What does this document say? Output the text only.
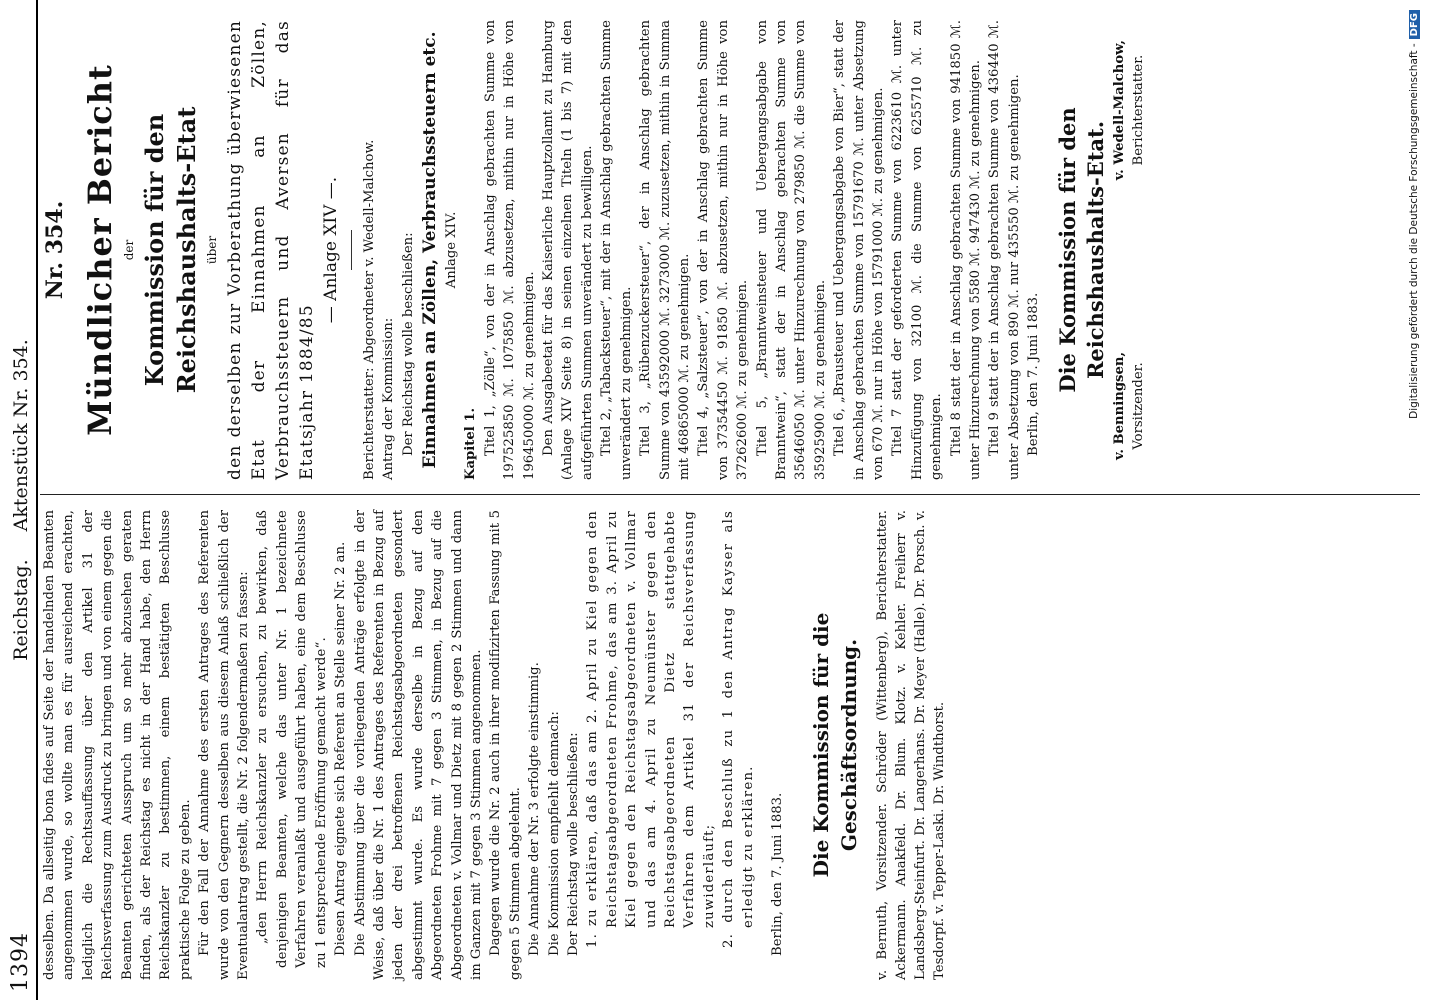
1394
Reichstag.Aktenstück Nr. 354.

desselben. Da allseitig bona fides auf Seite der handelnden Beamten angenommen wurde, so wollte man es für ausreichend erachten, lediglich die Rechtsauffassung über den Artikel 31 der Reichsverfassung zum Ausdruck zu bringen und von einem gegen die Beamten gerichteten Ausspruch um so mehr abzusehen geraten finden, als der Reichstag es nicht in der Hand habe, den Herrn Reichskanzler zu bestimmen, einem bestätigten Beschlusse praktische Folge zu geben. Für den Fall der Annahme des ersten Antrages des Referenten wurde von den Gegnern desselben aus diesem Anlaß schließlich der Eventualantrag gestellt, die Nr. 2 folgendermaßen zu fassen: „den Herrn Reichskanzler zu ersuchen, zu bewirken, daß denjenigen Beamten, welche das unter Nr. 1 bezeichnete Verfahren veranlaßt und ausgeführt haben, eine dem Beschlusse zu 1 entsprechende Eröffnung gemacht werde“. Diesen Antrag eignete sich Referent an Stelle seiner Nr. 2 an. Die Abstimmung über die vorliegenden Anträge erfolgte in der Weise, daß über die Nr. 1 des Antrages des Referenten in Bezug auf jeden der drei betroffenen Reichstagsabgeordneten gesondert abgestimmt wurde. Es wurde derselbe in Bezug auf den Abgeordneten Frohme mit 7 gegen 3 Stimmen, in Bezug auf die Abgeordneten v. Vollmar und Dietz mit 8 gegen 2 Stimmen und dann im Ganzen mit 7 gegen 3 Stimmen angenommen. Dagegen wurde die Nr. 2 auch in ihrer modifizirten Fassung mit 5 gegen 5 Stimmen abgelehnt. Die Annahme der Nr. 3 erfolgte einstimmig. Die Kommission empfiehlt demnach: Der Reichstag wolle beschließen: 1. zu erklären, daß das am 2. April zu Kiel gegen den Reichstagsabgeordneten Frohme, das am 3. April zu Kiel gegen den Reichstagsabgeordneten v. Vollmar und das am 4. April zu Neumünster gegen den Reichstagsabgeordneten Dietz stattgehabte Verfahren dem Artikel 31 der Reichsverfassung zuwiderläuft; 2. durch den Beschluß zu 1 den Antrag Kayser als erledigt zu erklären. Berlin, den 7. Juni 1883. Die Kommission für die Geschäftsordnung. v. Bernuth, Vorsitzender. Schröder (Wittenberg), Berichterstatter. Ackermann. Anakfeld. Dr. Blum. Klotz. v. Kehler. Freiherr v. Landsberg-Steinfurt. Dr. Langerhans. Dr. Meyer (Halle). Dr. Porsch. v. Tesdorpf. v. Tepper-Laski. Dr. Windthorst.

Nr. 354. Mündlicher Bericht der Kommission für den Reichshaushalts-Etat über den derselben zur Vorberathung überwiesenen Etat der Einnahmen an Zöllen, Verbrauchssteuern und Aversen für das Etatsjahr 1884/85

— Anlage XIV —. Berichterstatter: Abgeordneter v. Wedell-Malchow. Antrag der Kommission: Der Reichstag wolle beschließen: Einnahmen an Zöllen, Verbrauchssteuern etc. Anlage XIV.

Kapitel 1. Titel 1, „Zölle“, von der in Anschlag gebrachten Summe von 197525850 ℳ. 1075850 ℳ. abzusetzen, mithin nur in Höhe von 196450000 ℳ. zu genehmigen. Den Ausgabeetat für das Kaiserliche Hauptzollamt zu Hamburg (Anlage XIV Seite 8) in seinen einzelnen Titeln (1 bis 7) mit den aufgeführten Summen unverändert zu bewilligen. Titel 2, „Tabacksteuer“, mit der in Anschlag gebrachten Summe unverändert zu genehmigen. Titel 3, „Rübenzuckersteuer“, der in Anschlag gebrachten Summe von 43592000 ℳ. 3273000 ℳ. zuzusetzen, mithin in Summa mit 46865000 ℳ. zu genehmigen. Titel 4, „Salzsteuer“, von der in Anschlag gebrachten Summe von 37354450 ℳ. 91850 ℳ. abzusetzen, mithin nur in Höhe von 37262600 ℳ. zu genehmigen. Titel 5, „Branntweinsteuer und Uebergangsabgabe von Branntwein“, statt der in Anschlag gebrachten Summe von 35646050 ℳ. unter Hinzurechnung von 279850 ℳ. die Summe von 35925900 ℳ. zu genehmigen. Titel 6, „Brausteuer und Uebergangsabgabe von Bier“, statt der in Anschlag gebrachten Summe von 15791670 ℳ. unter Absetzung von 670 ℳ. nur in Höhe von 15791000 ℳ. zu genehmigen. Titel 7 statt der geforderten Summe von 6223610 ℳ. unter Hinzufügung von 32100 ℳ. die Summe von 6255710 ℳ. zu genehmigen. Titel 8 statt der in Anschlag gebrachten Summe von 941850 ℳ. unter Hinzurechnung von 5580 ℳ. 947430 ℳ. zu genehmigen. Titel 9 statt der in Anschlag gebrachten Summe von 436440 ℳ. unter Absetzung von 890 ℳ. nur 435550 ℳ. zu genehmigen. Berlin, den 7. Juni 1883. Die Kommission für den Reichshaushalts-Etat.

v. Benningsen, Vorsitzender.
v. Wedell-Malchow, Berichterstatter.	Digitalisierung gefördert durch die Deutsche Forschungsgemeinschaft -DFG
